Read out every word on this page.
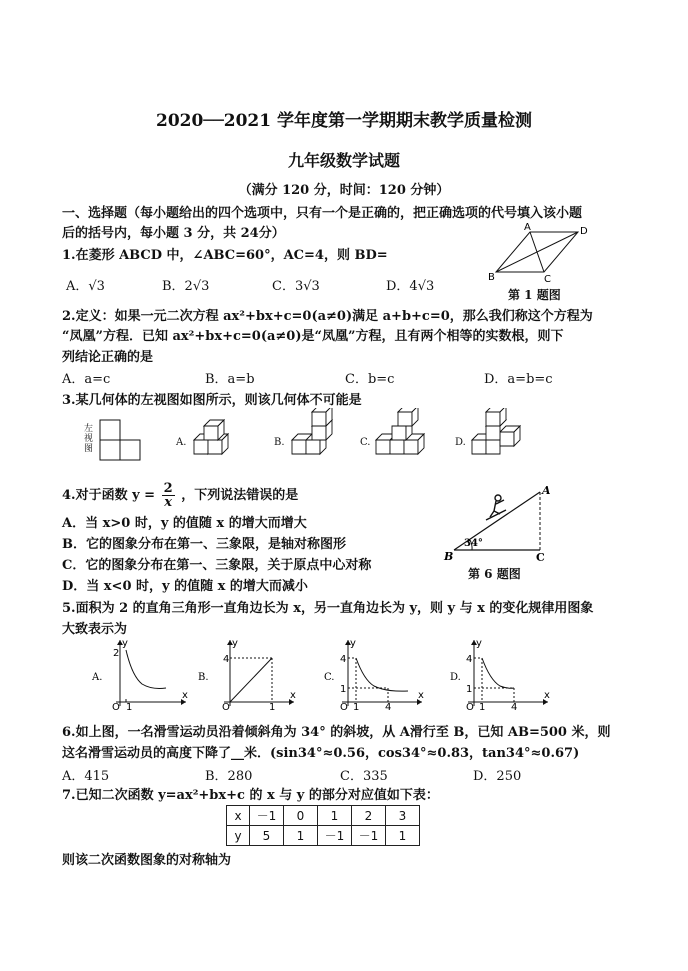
2020──2021 学年度第一学期期末教学质量检测
九年级数学试题
（满分 120 分，时间：120 分钟）
一、选择题（每小题给出的四个选项中，只有一个是正确的，把正确选项的代号填入该小题
后的括号内，每小题 3 分，共 24分）
1.在菱形 ABCD 中，∠ABC=60°，AC=4，则 BD=
A．√3	B．2√3	C．3√3	D．4√3
A	D
B	C
第 1 题图
2.定义：如果一元二次方程 ax²+bx+c=0(a≠0)满足 a+b+c=0，那么我们称这个方程为
“凤凰”方程．已知 ax²+bx+c=0(a≠0)是“凤凰”方程，且有两个相等的实数根，则下
列结论正确的是
A．a=c	B．a=b	C．b=c	D．a=b=c
3.某几何体的左视图如图所示，则该几何体不可能是
左视图
A.	B.	C.	D.
4.对于函数 $y = \frac{2}{x}$ ，下列说法错误的是
A．当 x>0 时，y 的值随 x 的增大而增大
B．它的图象分布在第一、三象限，是轴对称图形
C．它的图象分布在第一、三象限，关于原点中心对称
D．当 x<0 时，y 的值随 x 的增大而减小
A
B	C
34°
第 6 题图
5.面积为 2 的直角三角形一直角边长为 x，另一直角边长为 y，则 y 与 x 的变化规律用图象
大致表示为
A.
y
x
O
2
1
B.
y
x
O
4
1
C.
y
x
O
4
1
1	4
D.
y
x
O
4
1
1	4
6.如上图，一名滑雪运动员沿着倾斜角为 34° 的斜坡，从 A滑行至 B，已知 AB=500 米，则
这名滑雪运动员的高度下降了__米．(sin34°≈0.56，cos34°≈0.83，tan34°≈0.67)
A．415	B．280	C．335	D．250
7.已知二次函数 y=ax²+bx+c 的 x 与 y 的部分对应值如下表：
x	－1	0	1	2	3
y	5	1	－1	－1	1
则该二次函数图象的对称轴为
